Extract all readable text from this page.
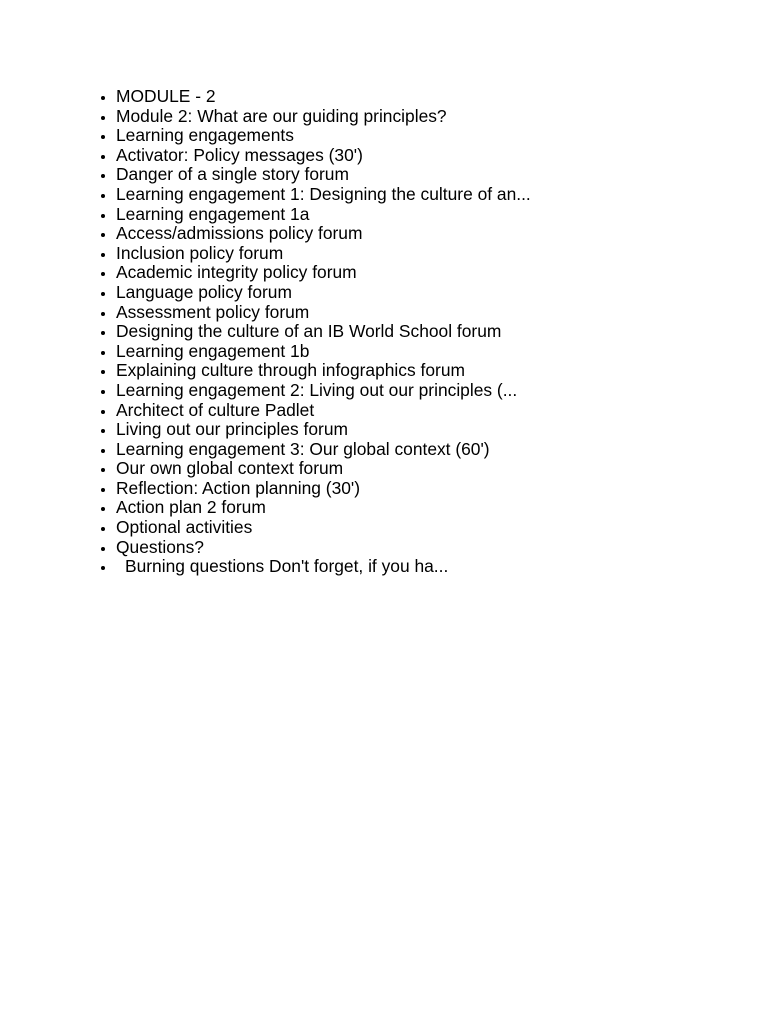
• MODULE - 2
• Module 2: What are our guiding principles?
• Learning engagements
• Activator: Policy messages (30')
• Danger of a single story forum
• Learning engagement 1: Designing the culture of an...
• Learning engagement 1a
• Access/admissions policy forum
• Inclusion policy forum
• Academic integrity policy forum
• Language policy forum
• Assessment policy forum
• Designing the culture of an IB World School forum
• Learning engagement 1b
• Explaining culture through infographics forum
• Learning engagement 2: Living out our principles (...
• Architect of culture Padlet
• Living out our principles forum
• Learning engagement 3: Our global context (60')
• Our own global context forum
• Reflection: Action planning (30')
• Action plan 2 forum
• Optional activities
• Questions?
• Burning questions Don't forget, if you ha...
